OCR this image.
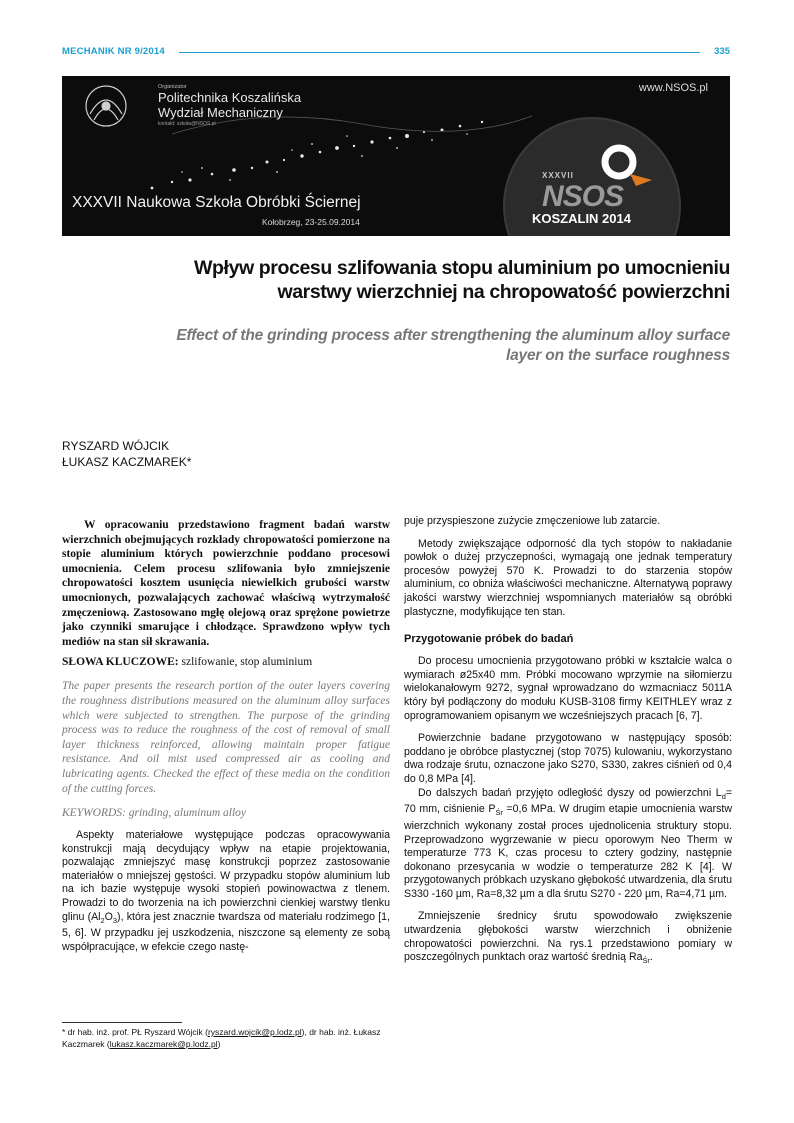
MECHANIK NR 9/2014	335
Organizator
Politechnika Koszalińska
Wydział Mechaniczny
kontakt: szkoła@NSOS.pl
www.NSOS.pl
XXXVII
NSOS
KOSZALIN 2014
XXXVII Naukowa Szkoła Obróbki Ściernej
Kołobrzeg, 23-25.09.2014
Wpływ procesu szlifowania stopu aluminium po umocnieniu
warstwy wierzchniej na chropowatość powierzchni
Effect of the grinding process after strengthening the aluminum alloy surface
layer on the surface roughness
RYSZARD WÓJCIK
ŁUKASZ KACZMAREK*

W opracowaniu przedstawiono fragment badań warstw wierzchnich obejmujących rozkłady chropowatości pomierzone na stopie aluminium których powierzchnie poddano procesowi umocnienia. Celem procesu szlifowania było zmniejszenie chropowatości kosztem usunięcia niewielkich grubości warstw umocnionych, pozwalających zachować właściwą wytrzymałość zmęczeniową. Zastosowano mgłę olejową oraz sprężone powietrze jako czynniki smarujące i chłodzące. Sprawdzono wpływ tych mediów na stan sił skrawania.

SŁOWA KLUCZOWE: szlifowanie, stop aluminium

The paper presents the research portion of the outer layers covering the roughness distributions measured on the aluminum alloy surfaces which were subjected to strengthen. The purpose of the grinding process was to reduce the roughness of the cost of removal of small layer thickness reinforced, allowing maintain proper fatigue resistance. And oil mist used compressed air as cooling and lubricating agents. Checked the effect of these media on the condition of the cutting forces.

KEYWORDS: grinding, aluminum alloy

Aspekty materiałowe występujące podczas opracowywania konstrukcji mają decydujący wpływ na etapie projektowania, pozwalając zmniejszyć masę konstrukcji poprzez zastosowanie materiałów o mniejszej gęstości. W przypadku stopów aluminium lub na ich bazie występuje wysoki stopień powinowactwa z tlenem. Prowadzi to do tworzenia na ich powierzchni cienkiej warstwy tlenku glinu $(Al_2O_3)$, która jest znacznie twardsza od materiału rodzimego [1, 5, 6]. W przypadku jej uszkodzenia, niszczone są elementy ze sobą współpracujące, w efekcie czego nastę-

puje przyspieszone zużycie zmęczeniowe lub zatarcie.

Metody zwiększające odporność dla tych stopów to nakładanie powłok o dużej przyczepności, wymagają one jednak temperatury procesów powyżej 570 K. Prowadzi to do starzenia stopów aluminium, co obniża właściwości mechaniczne. Alternatywą poprawy jakości warstwy wierzchniej wspomnianych materiałów są obróbki plastyczne, modyfikujące ten stan.

Przygotowanie próbek do badań

Do procesu umocnienia przygotowano próbki w kształcie walca o wymiarach ø25x40 mm. Próbki mocowano wprzymie na siłomierzu wielokanałowym 9272, sygnał wprowadzano do wzmacniacz 5011A który był podłączony do modułu KUSB-3108 firmy KEITHLEY wraz z oprogramowaniem opisanym we wcześniejszych pracach [6, 7].

Powierzchnie badane przygotowano w następujący sposób: poddano je obróbce plastycznej (stop 7075) kulowaniu, wykorzystano dwa rodzaje śrutu, oznaczone jako S270, S330, zakres ciśnień od 0,4 do 0,8 MPa [4].

Do dalszych badań przyjęto odległość dyszy od powierzchni $L_d= 70$ mm, ciśnienie $P_{Śr} =0,6$ MPa. W drugim etapie umocnienia warstw wierzchnich wykonany został proces ujednolicenia struktury stopu. Przeprowadzono wygrzewanie w piecu oporowym Neo Therm w temperaturze 773 K, czas procesu to cztery godziny, następnie dokonano przesycania w wodzie o temperaturze 282 K [4]. W przygotowanych próbkach uzyskano głębokość utwardzenia, dla śrutu S330 -160 µm, Ra=8,32 µm a dla śrutu S270 - 220 µm, Ra=4,71 µm.

Zmniejszenie średnicy śrutu spowodowało zwiększenie utwardzenia głębokości warstw wierzchnich i obniżenie chropowatości powierzchni. Na rys.1 przedstawiono pomiary w poszczególnych punktach oraz wartość średnią $Ra_{Śr}$.

* dr hab. inż. prof. PŁ Ryszard Wójcik (ryszard.wojcik@p.lodz.pl), dr hab. inż. Łukasz Kaczmarek (lukasz.kaczmarek@p.lodz.pl)
